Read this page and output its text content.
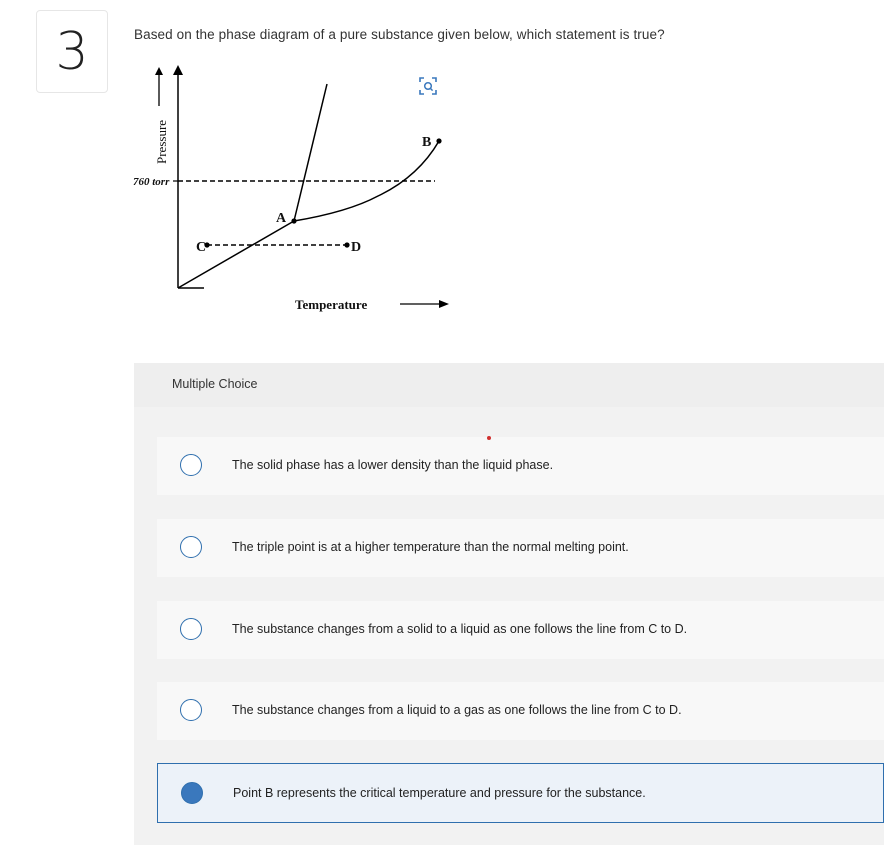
3	Based on the phase diagram of a pure substance given below, which statement is true?
Pressure
760 torr
A
B
C	D
Temperature
Multiple Choice
The solid phase has a lower density than the liquid phase.
The triple point is at a higher temperature than the normal melting point.
The substance changes from a solid to a liquid as one follows the line from C to D.
The substance changes from a liquid to a gas as one follows the line from C to D.
Point B represents the critical temperature and pressure for the substance.
